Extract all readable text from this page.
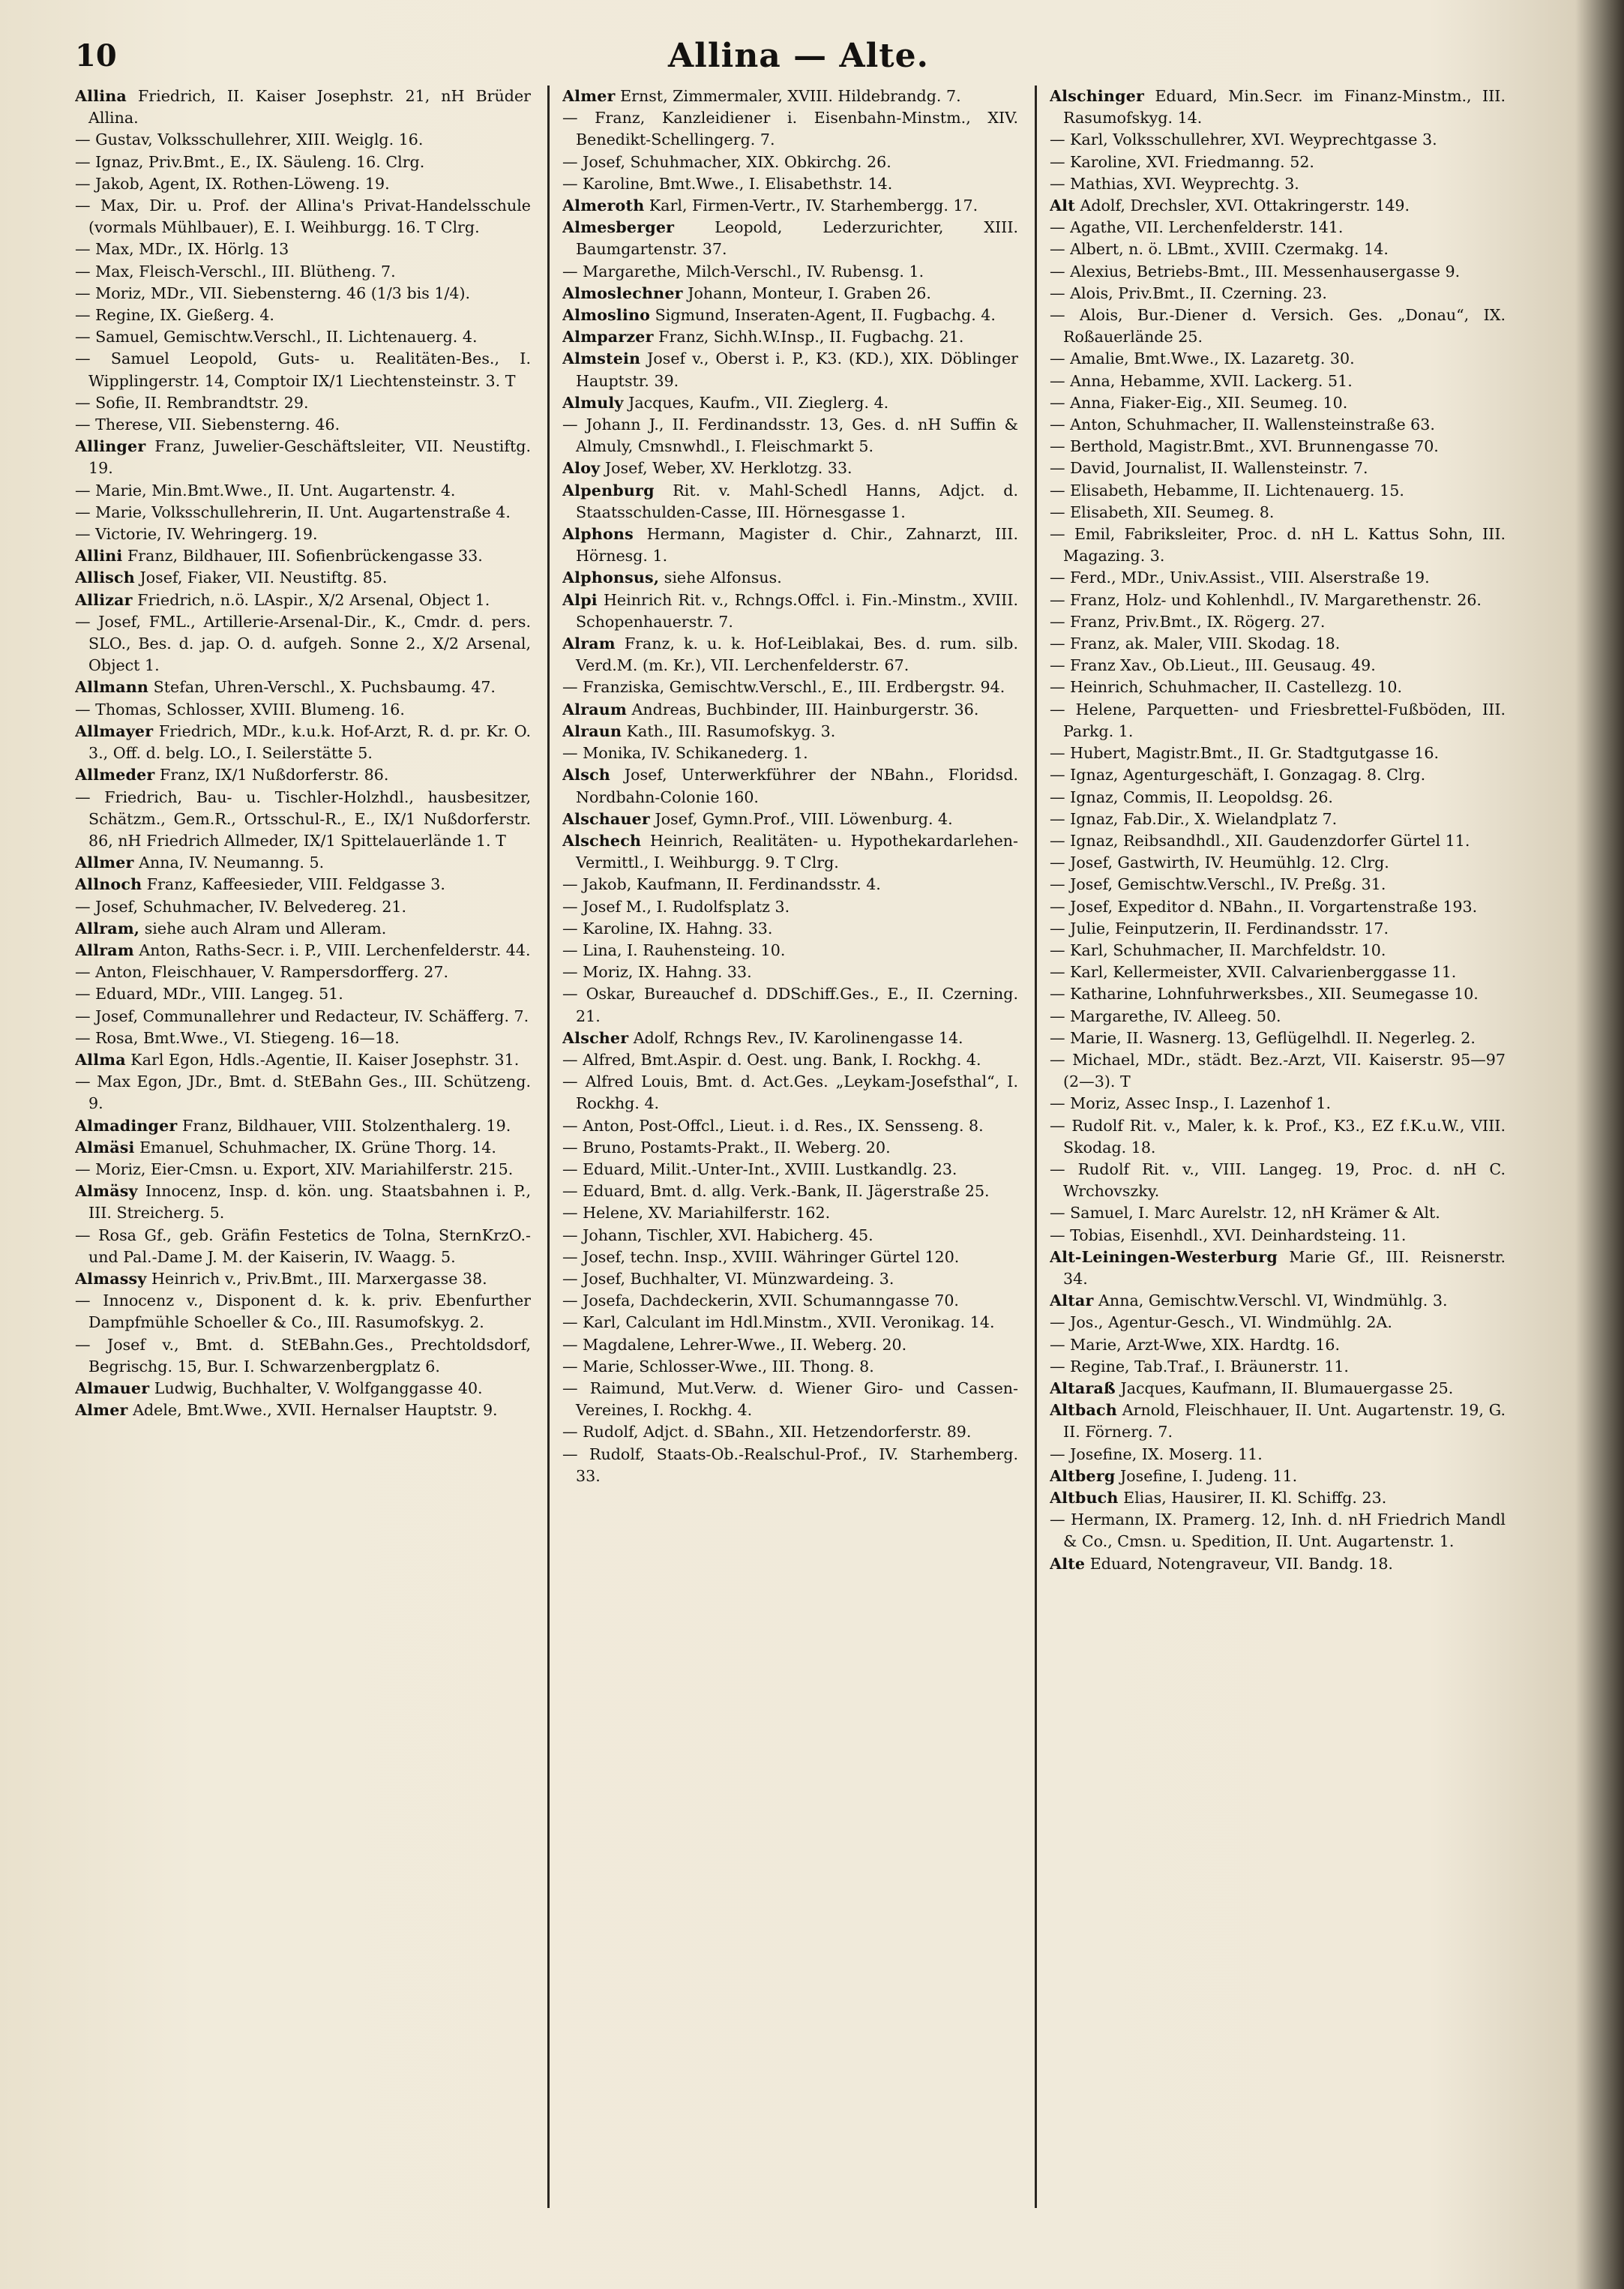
10	Allina — Alte.

Allina Friedrich, II. Kaiser Josephstr. 21, nH Brüder Allina.

— Gustav, Volksschullehrer, XIII. Weiglg. 16.

— Ignaz, Priv.Bmt., E., IX. Säuleng. 16. Clrg.

— Jakob, Agent, IX. Rothen-Löweng. 19.

— Max, Dir. u. Prof. der Allina's Privat-Handelsschule (vormals Mühlbauer), E. I. Weihburgg. 16. T Clrg.

— Max, MDr., IX. Hörlg. 13

— Max, Fleisch-Verschl., III. Blütheng. 7.

— Moriz, MDr., VII. Siebensterng. 46 (1/3 bis 1/4).

— Regine, IX. Gießerg. 4.

— Samuel, Gemischtw.Verschl., II. Lichtenauerg. 4.

— Samuel Leopold, Guts- u. Realitäten-Bes., I. Wipplingerstr. 14, Comptoir IX/1 Liechtensteinstr. 3. T

— Sofie, II. Rembrandtstr. 29.

— Therese, VII. Siebensterng. 46.

Allinger Franz, Juwelier-Geschäftsleiter, VII. Neustiftg. 19.

— Marie, Min.Bmt.Wwe., II. Unt. Augartenstr. 4.

— Marie, Volksschullehrerin, II. Unt. Augartenstraße 4.

— Victorie, IV. Wehringerg. 19.

Allini Franz, Bildhauer, III. Sofienbrückengasse 33.

Allisch Josef, Fiaker, VII. Neustiftg. 85.

Allizar Friedrich, n.ö. LAspir., X/2 Arsenal, Object 1.

— Josef, FML., Artillerie-Arsenal-Dir., K., Cmdr. d. pers. SLO., Bes. d. jap. O. d. aufgeh. Sonne 2., X/2 Arsenal, Object 1.

Allmann Stefan, Uhren-Verschl., X. Puchsbaumg. 47.

— Thomas, Schlosser, XVIII. Blumeng. 16.

Allmayer Friedrich, MDr., k.u.k. Hof-Arzt, R. d. pr. Kr. O. 3., Off. d. belg. LO., I. Seilerstätte 5.

Allmeder Franz, IX/1 Nußdorferstr. 86.

— Friedrich, Bau- u. Tischler-Holzhdl., hausbesitzer, Schätzm., Gem.R., Ortsschul-R., E., IX/1 Nußdorferstr. 86, nH Friedrich Allmeder, IX/1 Spittelauerlände 1. T

Allmer Anna, IV. Neumanng. 5.

Allnoch Franz, Kaffeesieder, VIII. Feldgasse 3.

— Josef, Schuhmacher, IV. Belvedereg. 21.

Allram, siehe auch Alram und Alleram.

Allram Anton, Raths-Secr. i. P., VIII. Lerchenfelderstr. 44.

— Anton, Fleischhauer, V. Rampersdorfferg. 27.

— Eduard, MDr., VIII. Langeg. 51.

— Josef, Communallehrer und Redacteur, IV. Schäfferg. 7.

— Rosa, Bmt.Wwe., VI. Stiegeng. 16—18.

Allma Karl Egon, Hdls.-Agentie, II. Kaiser Josephstr. 31.

— Max Egon, JDr., Bmt. d. StEBahn Ges., III. Schützeng. 9.

Almadinger Franz, Bildhauer, VIII. Stolzenthalerg. 19.

Almäsi Emanuel, Schuhmacher, IX. Grüne Thorg. 14.

— Moriz, Eier-Cmsn. u. Export, XIV. Mariahilferstr. 215.

Almäsy Innocenz, Insp. d. kön. ung. Staatsbahnen i. P., III. Streicherg. 5.

— Rosa Gf., geb. Gräfin Festetics de Tolna, SternKrzO.- und Pal.-Dame J. M. der Kaiserin, IV. Waagg. 5.

Almassy Heinrich v., Priv.Bmt., III. Marxergasse 38.

— Innocenz v., Disponent d. k. k. priv. Ebenfurther Dampfmühle Schoeller & Co., III. Rasumofskyg. 2.

— Josef v., Bmt. d. StEBahn.Ges., Prechtoldsdorf, Begrischg. 15, Bur. I. Schwarzenbergplatz 6.

Almauer Ludwig, Buchhalter, V. Wolfganggasse 40.

Almer Adele, Bmt.Wwe., XVII. Hernalser Hauptstr. 9.

Almer Ernst, Zimmermaler, XVIII. Hildebrandg. 7.

— Franz, Kanzleidiener i. Eisenbahn-Minstm., XIV. Benedikt-Schellingerg. 7.

— Josef, Schuhmacher, XIX. Obkirchg. 26.

— Karoline, Bmt.Wwe., I. Elisabethstr. 14.

Almeroth Karl, Firmen-Vertr., IV. Starhembergg. 17.

Almesberger Leopold, Lederzurichter, XIII. Baumgartenstr. 37.

— Margarethe, Milch-Verschl., IV. Rubensg. 1.

Almoslechner Johann, Monteur, I. Graben 26.

Almoslino Sigmund, Inseraten-Agent, II. Fugbachg. 4.

Almparzer Franz, Sichh.W.Insp., II. Fugbachg. 21.

Almstein Josef v., Oberst i. P., K3. (KD.), XIX. Döblinger Hauptstr. 39.

Almuly Jacques, Kaufm., VII. Zieglerg. 4.

— Johann J., II. Ferdinandsstr. 13, Ges. d. nH Suffin & Almuly, Cmsnwhdl., I. Fleischmarkt 5.

Aloy Josef, Weber, XV. Herklotzg. 33.

Alpenburg Rit. v. Mahl-Schedl Hanns, Adjct. d. Staatsschulden-Casse, III. Hörnesgasse 1.

Alphons Hermann, Magister d. Chir., Zahnarzt, III. Hörnesg. 1.

Alphonsus, siehe Alfonsus.

Alpi Heinrich Rit. v., Rchngs.Offcl. i. Fin.-Minstm., XVIII. Schopenhauerstr. 7.

Alram Franz, k. u. k. Hof-Leiblakai, Bes. d. rum. silb. Verd.M. (m. Kr.), VII. Lerchenfelderstr. 67.

— Franziska, Gemischtw.Verschl., E., III. Erdbergstr. 94.

Alraum Andreas, Buchbinder, III. Hainburgerstr. 36.

Alraun Kath., III. Rasumofskyg. 3.

— Monika, IV. Schikanederg. 1.

Alsch Josef, Unterwerkführer der NBahn., Floridsd. Nordbahn-Colonie 160.

Alschauer Josef, Gymn.Prof., VIII. Löwenburg. 4.

Alschech Heinrich, Realitäten- u. Hypothekardarlehen-Vermittl., I. Weihburgg. 9. T Clrg.

— Jakob, Kaufmann, II. Ferdinandsstr. 4.

— Josef M., I. Rudolfsplatz 3.

— Karoline, IX. Hahng. 33.

— Lina, I. Rauhensteing. 10.

— Moriz, IX. Hahng. 33.

— Oskar, Bureauchef d. DDSchiff.Ges., E., II. Czerning. 21.

Alscher Adolf, Rchngs Rev., IV. Karolinengasse 14.

— Alfred, Bmt.Aspir. d. Oest. ung. Bank, I. Rockhg. 4.

— Alfred Louis, Bmt. d. Act.Ges. „Leykam-Josefsthal“, I. Rockhg. 4.

— Anton, Post-Offcl., Lieut. i. d. Res., IX. Sensseng. 8.

— Bruno, Postamts-Prakt., II. Weberg. 20.

— Eduard, Milit.-Unter-Int., XVIII. Lustkandlg. 23.

— Eduard, Bmt. d. allg. Verk.-Bank, II. Jägerstraße 25.

— Helene, XV. Mariahilferstr. 162.

— Johann, Tischler, XVI. Habicherg. 45.

— Josef, techn. Insp., XVIII. Währinger Gürtel 120.

— Josef, Buchhalter, VI. Münzwardeing. 3.

— Josefa, Dachdeckerin, XVII. Schumanngasse 70.

— Karl, Calculant im Hdl.Minstm., XVII. Veronikag. 14.

— Magdalene, Lehrer-Wwe., II. Weberg. 20.

— Marie, Schlosser-Wwe., III. Thong. 8.

— Raimund, Mut.Verw. d. Wiener Giro- und Cassen-Vereines, I. Rockhg. 4.

— Rudolf, Adjct. d. SBahn., XII. Hetzendorferstr. 89.

— Rudolf, Staats-Ob.-Realschul-Prof., IV. Starhemberg. 33.

Alschinger Eduard, Min.Secr. im Finanz-Minstm., III. Rasumofskyg. 14.

— Karl, Volksschullehrer, XVI. Weyprechtgasse 3.

— Karoline, XVI. Friedmanng. 52.

— Mathias, XVI. Weyprechtg. 3.

Alt Adolf, Drechsler, XVI. Ottakringerstr. 149.

— Agathe, VII. Lerchenfelderstr. 141.

— Albert, n. ö. LBmt., XVIII. Czermakg. 14.

— Alexius, Betriebs-Bmt., III. Messenhausergasse 9.

— Alois, Priv.Bmt., II. Czerning. 23.

— Alois, Bur.-Diener d. Versich. Ges. „Donau“, IX. Roßauerlände 25.

— Amalie, Bmt.Wwe., IX. Lazaretg. 30.

— Anna, Hebamme, XVII. Lackerg. 51.

— Anna, Fiaker-Eig., XII. Seumeg. 10.

— Anton, Schuhmacher, II. Wallensteinstraße 63.

— Berthold, Magistr.Bmt., XVI. Brunnengasse 70.

— David, Journalist, II. Wallensteinstr. 7.

— Elisabeth, Hebamme, II. Lichtenauerg. 15.

— Elisabeth, XII. Seumeg. 8.

— Emil, Fabriksleiter, Proc. d. nH L. Kattus Sohn, III. Magazing. 3.

— Ferd., MDr., Univ.Assist., VIII. Alserstraße 19.

— Franz, Holz- und Kohlenhdl., IV. Margarethenstr. 26.

— Franz, Priv.Bmt., IX. Rögerg. 27.

— Franz, ak. Maler, VIII. Skodag. 18.

— Franz Xav., Ob.Lieut., III. Geusaug. 49.

— Heinrich, Schuhmacher, II. Castellezg. 10.

— Helene, Parquetten- und Friesbrettel-Fußböden, III. Parkg. 1.

— Hubert, Magistr.Bmt., II. Gr. Stadtgutgasse 16.

— Ignaz, Agenturgeschäft, I. Gonzagag. 8. Clrg.

— Ignaz, Commis, II. Leopoldsg. 26.

— Ignaz, Fab.Dir., X. Wielandplatz 7.

— Ignaz, Reibsandhdl., XII. Gaudenzdorfer Gürtel 11.

— Josef, Gastwirth, IV. Heumühlg. 12. Clrg.

— Josef, Gemischtw.Verschl., IV. Preßg. 31.

— Josef, Expeditor d. NBahn., II. Vorgartenstraße 193.

— Julie, Feinputzerin, II. Ferdinandsstr. 17.

— Karl, Schuhmacher, II. Marchfeldstr. 10.

— Karl, Kellermeister, XVII. Calvarienberggasse 11.

— Katharine, Lohnfuhrwerksbes., XII. Seumegasse 10.

— Margarethe, IV. Alleeg. 50.

— Marie, II. Wasnerg. 13, Geflügelhdl. II. Negerleg. 2.

— Michael, MDr., städt. Bez.-Arzt, VII. Kaiserstr. 95—97 (2—3). T

— Moriz, Assec Insp., I. Lazenhof 1.

— Rudolf Rit. v., Maler, k. k. Prof., K3., EZ f.K.u.W., VIII. Skodag. 18.

— Rudolf Rit. v., VIII. Langeg. 19, Proc. d. nH C. Wrchovszky.

— Samuel, I. Marc Aurelstr. 12, nH Krämer & Alt.

— Tobias, Eisenhdl., XVI. Deinhardsteing. 11.

Alt-Leiningen-Westerburg Marie Gf., III. Reisnerstr. 34.

Altar Anna, Gemischtw.Verschl. VI, Windmühlg. 3.

— Jos., Agentur-Gesch., VI. Windmühlg. 2A.

— Marie, Arzt-Wwe, XIX. Hardtg. 16.

— Regine, Tab.Traf., I. Bräunerstr. 11.

Altaraß Jacques, Kaufmann, II. Blumauergasse 25.

Altbach Arnold, Fleischhauer, II. Unt. Augartenstr. 19, G. II. Förnerg. 7.

— Josefine, IX. Moserg. 11.

Altberg Josefine, I. Judeng. 11.

Altbuch Elias, Hausirer, II. Kl. Schiffg. 23.

— Hermann, IX. Pramerg. 12, Inh. d. nH Friedrich Mandl & Co., Cmsn. u. Spedition, II. Unt. Augartenstr. 1.

Alte Eduard, Notengraveur, VII. Bandg. 18.
